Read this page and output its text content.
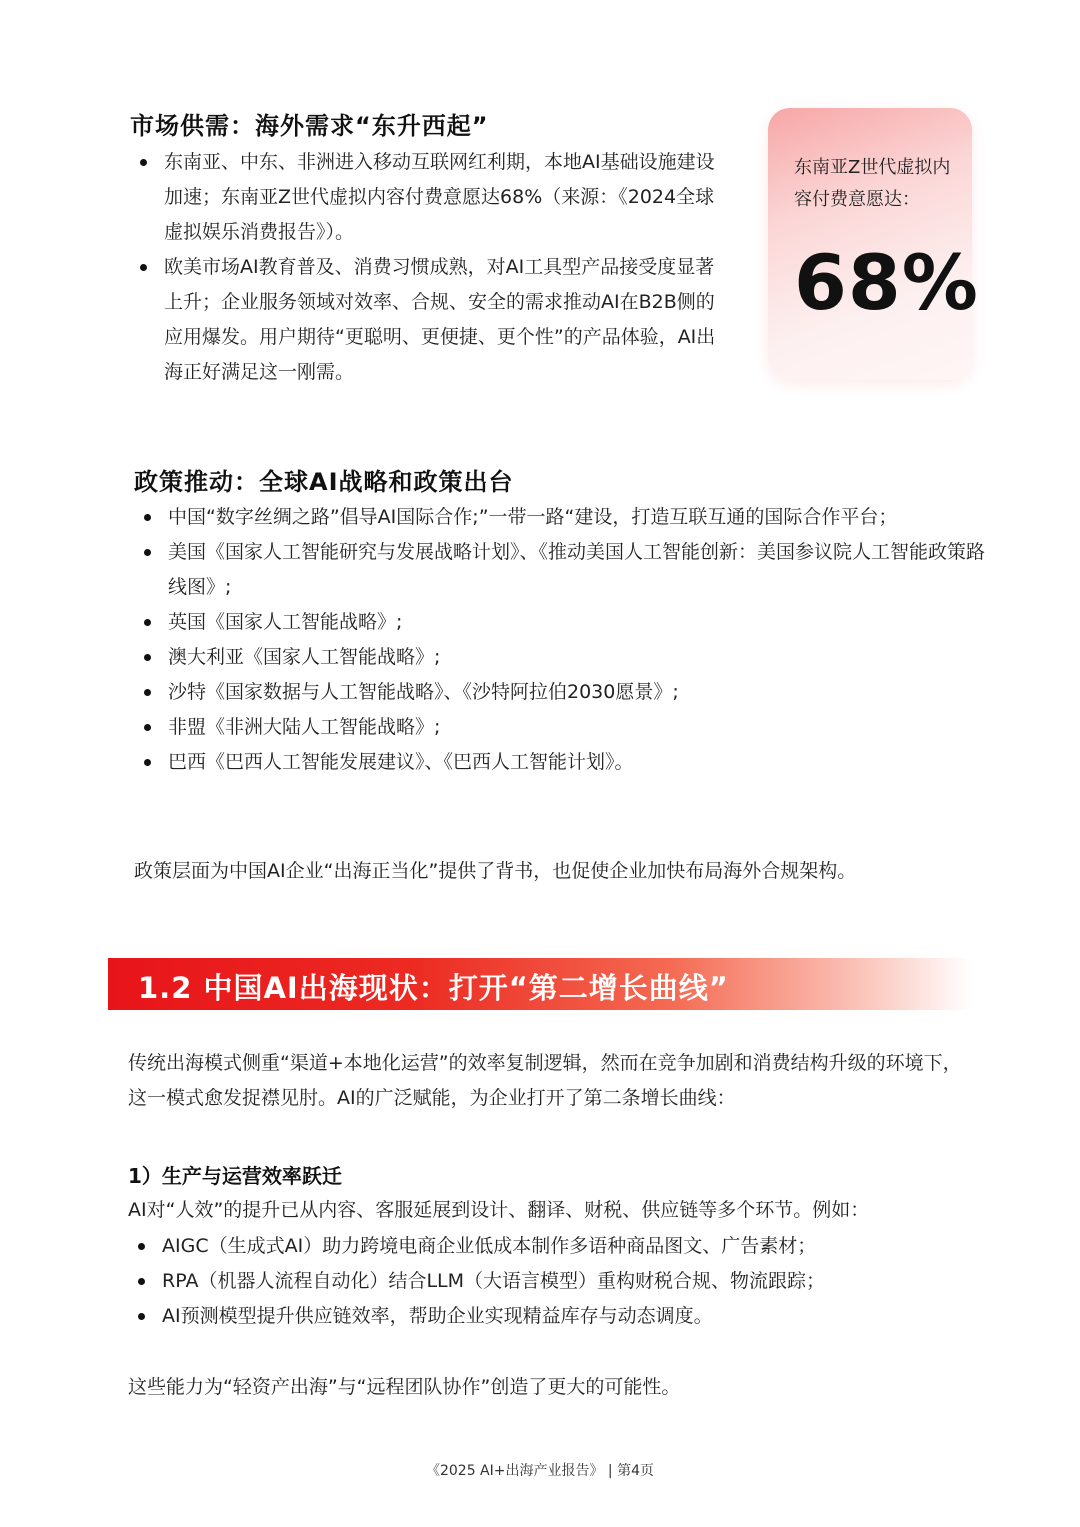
市场供需：海外需求“东升西起”
东南亚、中东、非洲进入移动互联网红利期，本地AI基础设施建设加速；东南亚Z世代虚拟内容付费意愿达68%（来源：《2024全球虚拟娱乐消费报告》）。
欧美市场AI教育普及、消费习惯成熟，对AI工具型产品接受度显著上升；企业服务领域对效率、合规、安全的需求推动AI在B2B侧的应用爆发。用户期待“更聪明、更便捷、更个性”的产品体验，AI出海正好满足这一刚需。
东南亚Z世代虚拟内容付费意愿达：
68%
政策推动：全球AI战略和政策出台
中国“数字丝绸之路”倡导AI国际合作;”一带一路“建设，打造互联互通的国际合作平台；
美国《国家人工智能研究与发展战略计划》、《推动美国人工智能创新：美国参议院人工智能政策路线图》;
英国《国家人工智能战略》;
澳大利亚《国家人工智能战略》;
沙特《国家数据与人工智能战略》、《沙特阿拉伯2030愿景》;
非盟《非洲大陆人工智能战略》;
巴西《巴西人工智能发展建议》、《巴西人工智能计划》。
政策层面为中国AI企业“出海正当化”提供了背书，也促使企业加快布局海外合规架构。
1.2 中国AI出海现状：打开“第二增长曲线”
传统出海模式侧重“渠道+本地化运营”的效率复制逻辑，然而在竞争加剧和消费结构升级的环境下，这一模式愈发捉襟见肘。AI的广泛赋能，为企业打开了第二条增长曲线：
1）生产与运营效率跃迁
AI对“人效”的提升已从内容、客服延展到设计、翻译、财税、供应链等多个环节。例如：
AIGC（生成式AI）助力跨境电商企业低成本制作多语种商品图文、广告素材；
RPA（机器人流程自动化）结合LLM（大语言模型）重构财税合规、物流跟踪；
AI预测模型提升供应链效率，帮助企业实现精益库存与动态调度。
这些能力为“轻资产出海”与“远程团队协作”创造了更大的可能性。
《2025 AI+出海产业报告》 | 第4页
